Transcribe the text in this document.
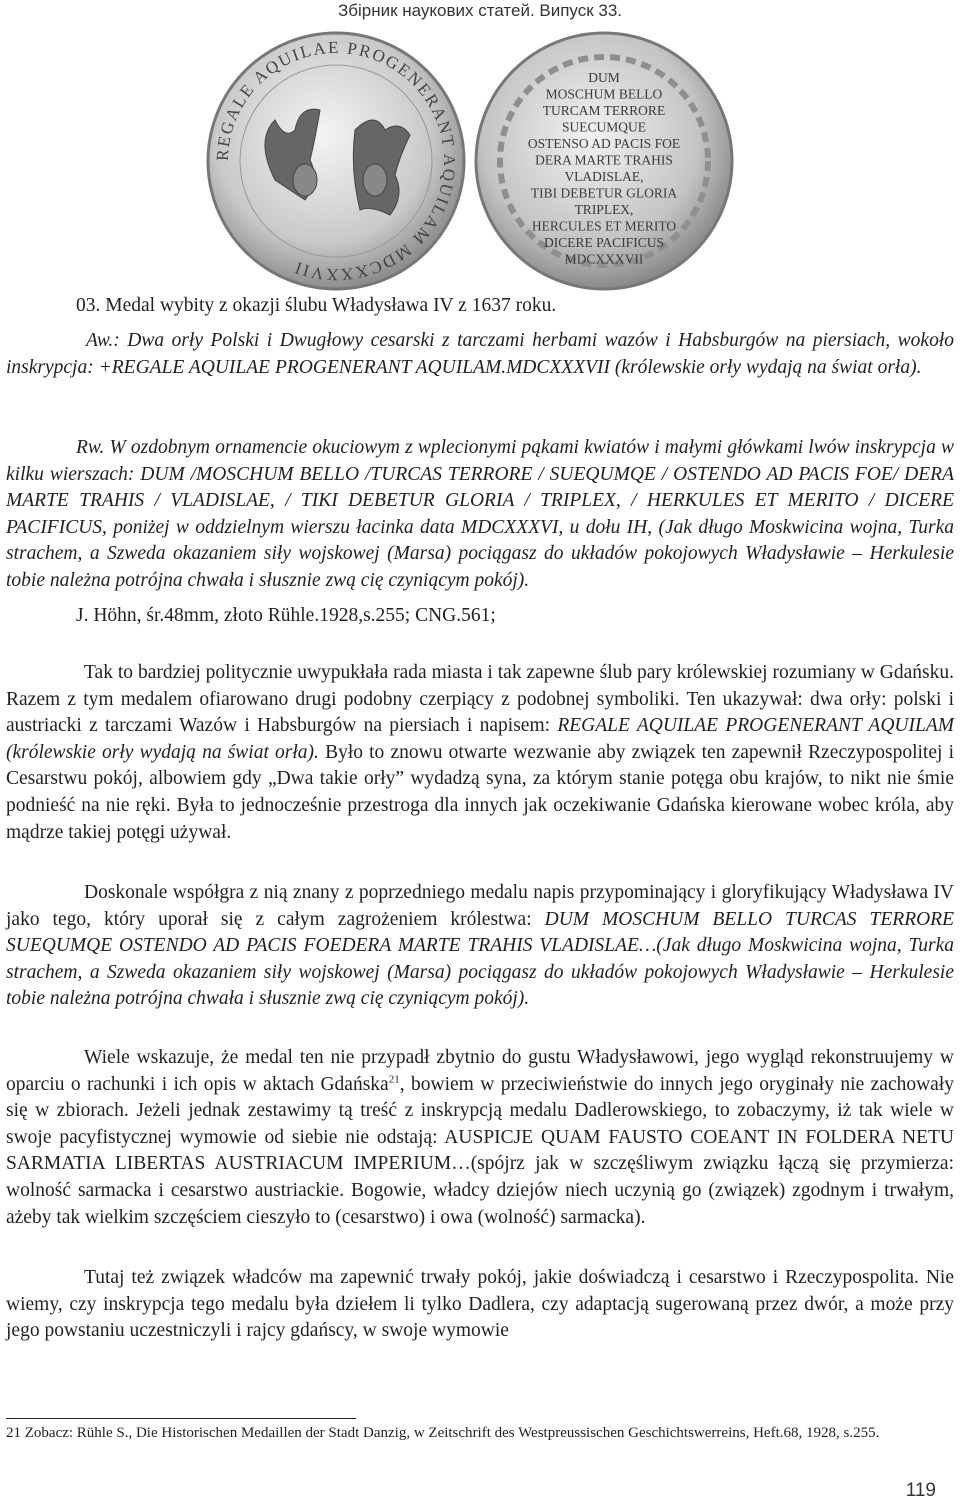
Збірник наукових статей. Випуск 33.
REGALE AQUILAE PROGENERANT AQUILAM MDCXXXVII
DUM
MOSCHUM BELLO
TURCAM TERRORE
SUECUMQUE
OSTENSO AD PACIS FOE
DERA MARTE TRAHIS
VLADISLAE,
TIBI DEBETUR GLORIA
TRIPLEX,
HERCULES ET MERITO
DICERE PACIFICUS
MDCXXXVII

03. Medal wybity z okazji ślubu Władysława IV z 1637 roku.

Aw.: Dwa orły Polski i Dwugłowy cesarski z tarczami herbami wazów i Habsburgów na piersiach, wokoło inskrypcja: +REGALE AQUILAE PROGENERANT AQUILAM.MDCXXXVII (królewskie orły wydają na świat orła).

Rw. W ozdobnym ornamencie okuciowym z wplecionymi pąkami kwiatów i małymi główkami lwów inskrypcja w kilku wierszach: DUM /MOSCHUM BELLO /TURCAS TERRORE / SUEQUMQE / OSTENDO AD PACIS FOE/ DERA MARTE TRAHIS / VLADISLAE, / TIKI DEBETUR GLORIA / TRIPLEX, / HERKULES ET MERITO / DICERE PACIFICUS, poniżej w oddzielnym wierszu łacinka data MDCXXXVI, u dołu IH, (Jak długo Moskwicina wojna, Turka strachem, a Szweda okazaniem siły wojskowej (Marsa) pociągasz do układów pokojowych Władysławie – Herkulesie tobie należna potrójna chwała i słusznie zwą cię czyniącym pokój).

J. Höhn, śr.48mm, złoto Rühle.1928,s.255; CNG.561;

Tak to bardziej politycznie uwypukłała rada miasta i tak zapewne ślub pary królewskiej rozumiany w Gdańsku. Razem z tym medalem ofiarowano drugi podobny czerpiący z podobnej symboliki. Ten ukazywał: dwa orły: polski i austriacki z tarczami Wazów i Habsburgów na piersiach i napisem: REGALE AQUILAE PROGENERANT AQUILAM (królewskie orły wydają na świat orła). Było to znowu otwarte wezwanie aby związek ten zapewnił Rzeczypospolitej i Cesarstwu pokój, albowiem gdy „Dwa takie orły” wydadzą syna, za którym stanie potęga obu krajów, to nikt nie śmie podnieść na nie ręki. Była to jednocześnie przestroga dla innych jak oczekiwanie Gdańska kierowane wobec króla, aby mądrze takiej potęgi używał.

Doskonale współgra z nią znany z poprzedniego medalu napis przypominający i gloryfikujący Władysława IV jako tego, który uporał się z całym zagrożeniem królestwa: DUM MOSCHUM BELLO TURCAS TERRORE SUEQUMQE OSTENDO AD PACIS FOEDERA MARTE TRAHIS VLADISLAE…(Jak długo Moskwicina wojna, Turka strachem, a Szweda okazaniem siły wojskowej (Marsa) pociągasz do układów pokojowych Władysławie – Herkulesie tobie należna potrójna chwała i słusznie zwą cię czyniącym pokój).

Wiele wskazuje, że medal ten nie przypadł zbytnio do gustu Władysławowi, jego wygląd rekonstruujemy w oparciu o rachunki i ich opis w aktach Gdańska$^{21}$, bowiem w przeciwieństwie do innych jego oryginały nie zachowały się w zbiorach. Jeżeli jednak zestawimy tą treść z inskrypcją medalu Dadlerowskiego, to zobaczymy, iż tak wiele w swoje pacyfistycznej wymowie od siebie nie odstają: AUSPICJE QUAM FAUSTO COEANT IN FOLDERA NETU SARMATIA LIBERTAS AUSTRIACUM IMPERIUM…(spójrz jak w szczęśliwym związku łączą się przymierza: wolność sarmacka i cesarstwo austriackie. Bogowie, władcy dziejów niech uczynią go (związek) zgodnym i trwałym, ażeby tak wielkim szczęściem cieszyło to (cesarstwo) i owa (wolność) sarmacka).

Tutaj też związek władców ma zapewnić trwały pokój, jakie doświadczą i cesarstwo i Rzeczypospolita. Nie wiemy, czy inskrypcja tego medalu była dziełem li tylko Dadlera, czy adaptacją sugerowaną przez dwór, a może przy jego powstaniu uczestniczyli i rajcy gdańscy, w swoje wymowie

21 Zobacz: Rühle S., Die Historischen Medaillen der Stadt Danzig, w Zeitschrift des Westpreussischen Geschichtswerreins, Heft.68, 1928, s.255.

119
